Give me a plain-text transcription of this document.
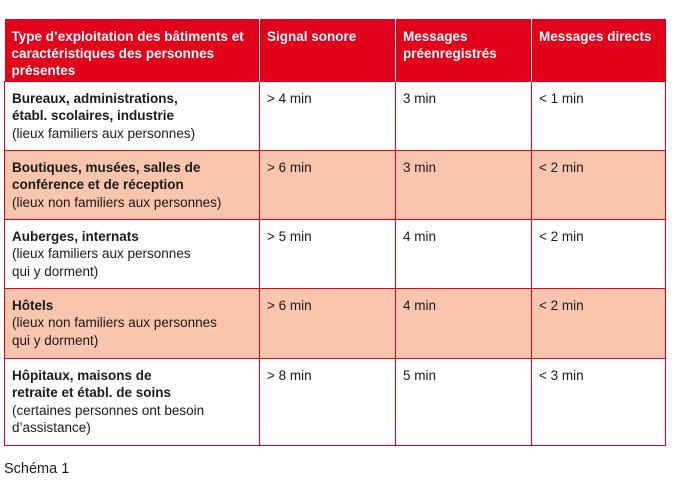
Type d’exploitation des bâtiments et caractéristiques des personnes présentes	Signal sonore	Messages préenregistrés	Messages directs

Bureaux, administrations,
établ. scolaires, industrie
(lieux familiers aux personnes)	> 4 min	3 min	< 1 min

Boutiques, musées, salles de
conférence et de réception
(lieux non familiers aux personnes)	> 6 min	3 min	< 2 min

Auberges, internats
(lieux familiers aux personnes
qui y dorment)	> 5 min	4 min	< 2 min

Hôtels
(lieux non familiers aux personnes
qui y dorment)	> 6 min	4 min	< 2 min

Hôpitaux, maisons de
retraite et établ. de soins
(certaines personnes ont besoin
d’assistance)	> 8 min	5 min	< 3 min
Schéma 1
